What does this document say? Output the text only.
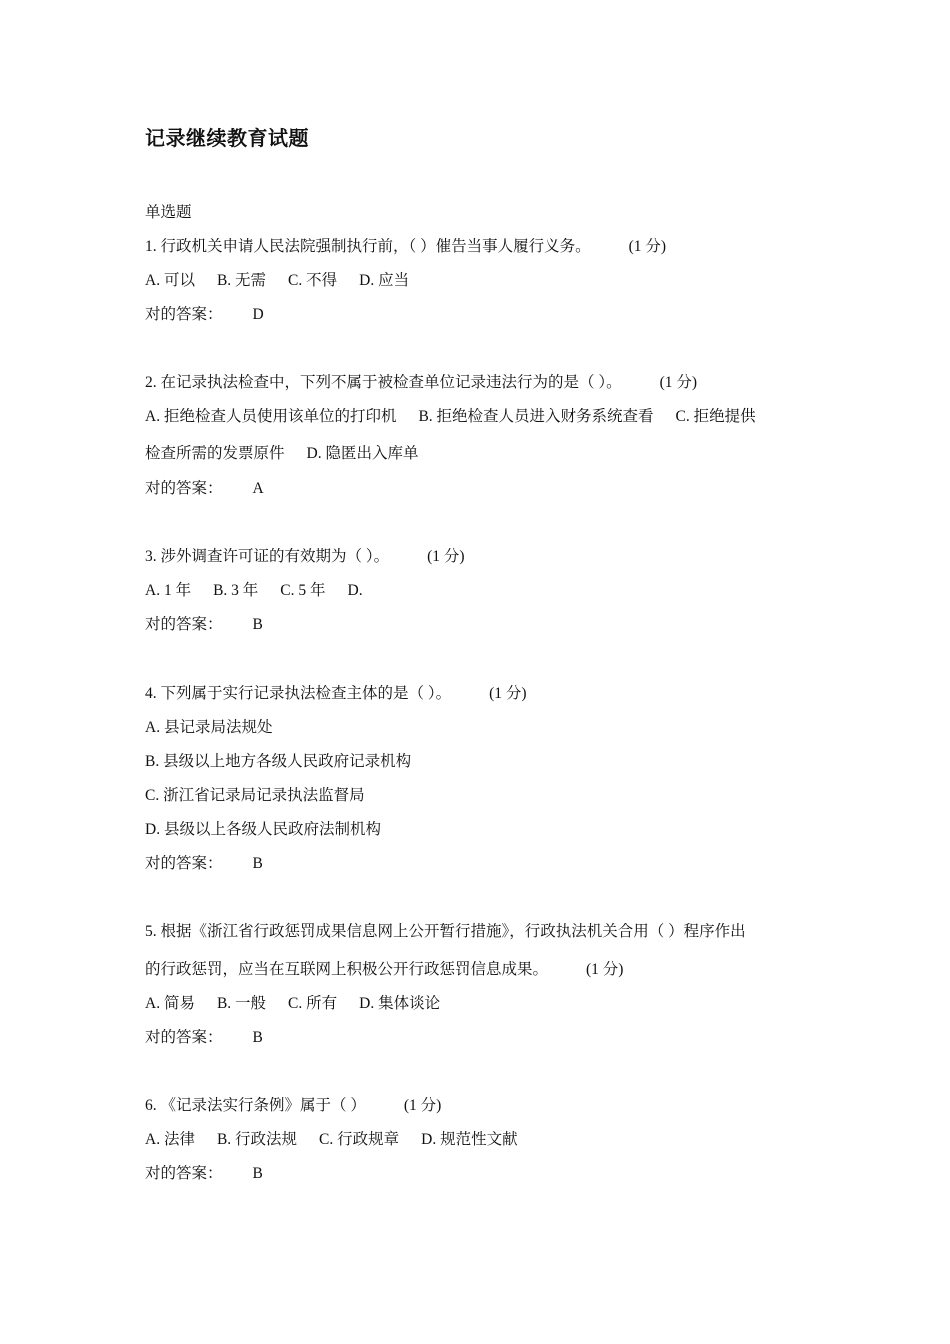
记录继续教育试题
单选题
1. 行政机关申请人民法院强制执行前，（ ）催告当事人履行义务。 (1 分)
A. 可以 B. 无需 C. 不得 D. 应当
对的答案： D
2. 在记录执法检查中，下列不属于被检查单位记录违法行为的是（ ）。 (1 分)
A. 拒绝检查人员使用该单位的打印机 B. 拒绝检查人员进入财务系统查看 C. 拒绝提供
检查所需的发票原件 D. 隐匿出入库单
对的答案： A
3. 涉外调查许可证的有效期为（ ）。 (1 分)
A. 1 年 B. 3 年 C. 5 年 D.
对的答案： B
4. 下列属于实行记录执法检查主体的是（ ）。 (1 分)
A. 县记录局法规处
B. 县级以上地方各级人民政府记录机构
C. 浙江省记录局记录执法监督局
D. 县级以上各级人民政府法制机构
对的答案： B
5. 根据《浙江省行政惩罚成果信息网上公开暂行措施》，行政执法机关合用（ ）程序作出
的行政惩罚，应当在互联网上积极公开行政惩罚信息成果。 (1 分)
A. 简易 B. 一般 C. 所有 D. 集体谈论
对的答案： B
6. 《记录法实行条例》属于（ ） (1 分)
A. 法律 B. 行政法规 C. 行政规章 D. 规范性文献
对的答案： B
